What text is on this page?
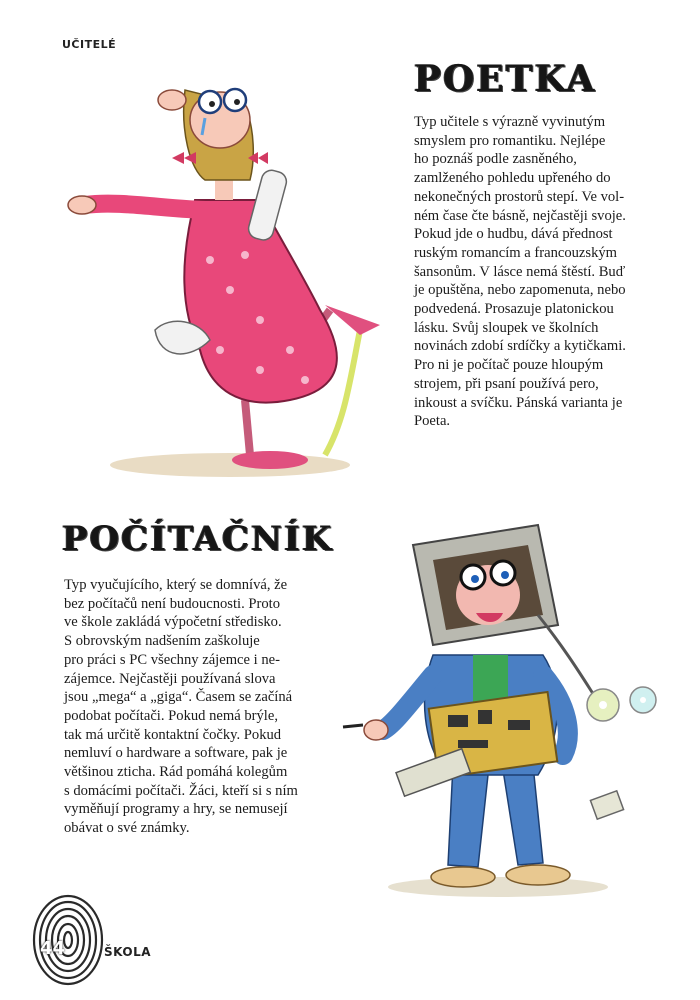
UČITELÉ
POETKA
Typ učitele s výrazně vyvinutým
smyslem pro romantiku. Nejlépe
ho poznáš podle zasněného,
zamlženého pohledu upřeného do
nekonečných prostorů stepí. Ve vol-
ném čase čte básně, nejčastěji svoje.
Pokud jde o hudbu, dává přednost
ruským romancím a francouzským
šansonům. V lásce nemá štěstí. Buď
je opuštěna, nebo zapomenuta, nebo
podvedená. Prosazuje platonickou
lásku. Svůj sloupek ve školních
novinách zdobí srdíčky a kytičkami.
Pro ni je počítač pouze hloupým
strojem, při psaní používá pero,
inkoust a svíčku. Pánská varianta je
Poeta.
POČÍTAČNÍK
Typ vyučujícího, který se domnívá, že
bez počítačů není budoucnosti. Proto
ve škole zakládá výpočetní středisko.
S obrovským nadšením zaškoluje
pro práci s PC všechny zájemce i ne-
zájemce. Nejčastěji používaná slova
jsou „mega“ a „giga“. Časem se začíná
podobat počítači. Pokud nemá brýle,
tak má určitě kontaktní čočky. Pokud
nemluví o hardware a software, pak je
většinou zticha. Rád pomáhá kolegům
s domácími počítači. Žáci, kteří si s ním
vyměňují programy a hry, se nemusejí
obávat o své známky.
44	ŠKOLA
